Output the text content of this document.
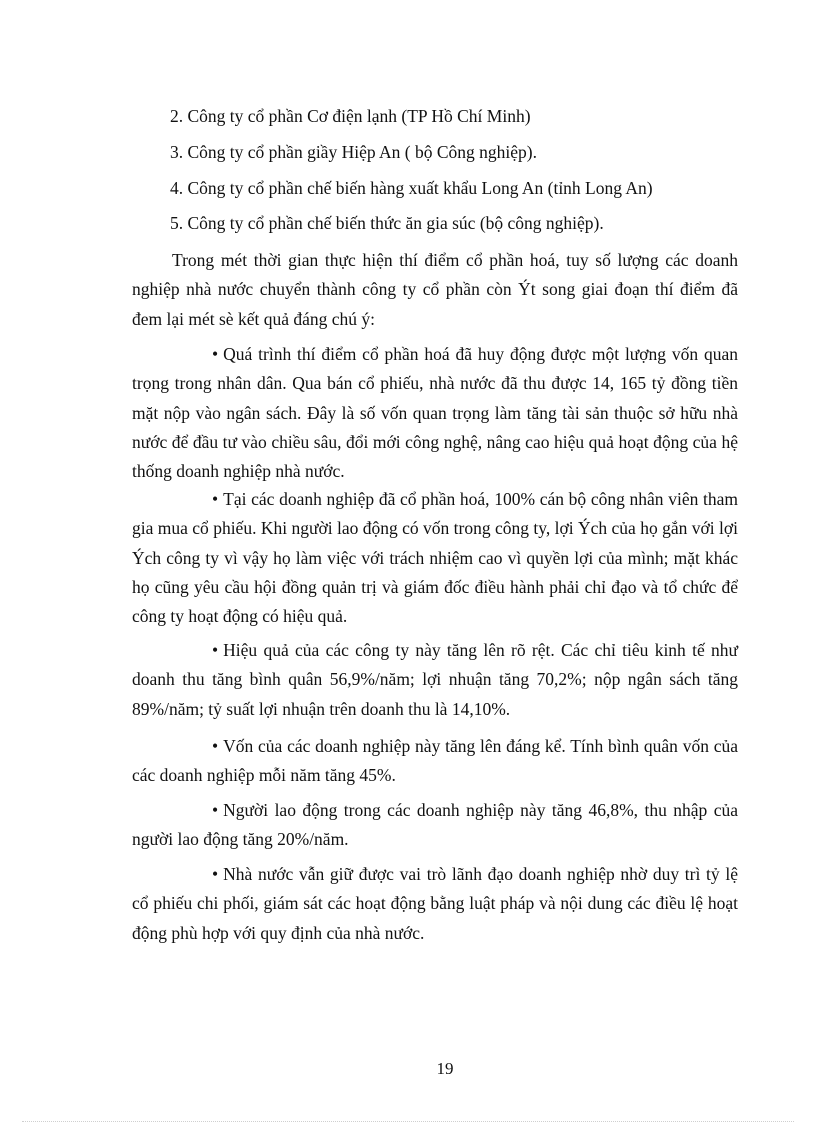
2. Công ty cổ phần Cơ điện lạnh (TP Hồ Chí Minh)
3. Công ty cổ phần giầy Hiệp An ( bộ Công nghiệp).
4. Công ty cổ phần chế biến hàng xuất khẩu Long An (tỉnh Long An)
5. Công ty cổ phần chế biến thức ăn gia súc (bộ công nghiệp).

Trong mét thời gian thực hiện thí điểm cổ phần hoá, tuy số lượng các doanh nghiệp nhà nước chuyển thành công ty cổ phần còn Ýt song giai đoạn thí điểm đã đem lại mét sè kết quả đáng chú ý:

• Quá trình thí điểm cổ phần hoá đã huy động được một lượng vốn quan trọng trong nhân dân. Qua bán cổ phiếu, nhà nước đã thu được 14, 165 tỷ đồng tiền mặt nộp vào ngân sách. Đây là số vốn quan trọng làm tăng tài sản thuộc sở hữu nhà nước để đầu tư vào chiều sâu, đổi mới công nghệ, nâng cao hiệu quả hoạt động của hệ thống doanh nghiệp nhà nước.

• Tại các doanh nghiệp đã cổ phần hoá, 100% cán bộ công nhân viên tham gia mua cổ phiếu. Khi người lao động có vốn trong công ty, lợi Ých của họ gắn với lợi Ých công ty vì vậy họ làm việc với trách nhiệm cao vì quyền lợi của mình; mặt khác họ cũng yêu cầu hội đồng quản trị và giám đốc điều hành phải chỉ đạo và tổ chức để công ty hoạt động có hiệu quả.

• Hiệu quả của các công ty này tăng lên rõ rệt. Các chỉ tiêu kinh tế như doanh thu tăng bình quân 56,9%/năm; lợi nhuận tăng 70,2%; nộp ngân sách tăng 89%/năm; tỷ suất lợi nhuận trên doanh thu là 14,10%.

• Vốn của các doanh nghiệp này tăng lên đáng kể. Tính bình quân vốn của các doanh nghiệp mỗi năm tăng 45%.

• Người lao động trong các doanh nghiệp này tăng 46,8%, thu nhập của người lao động tăng 20%/năm.

• Nhà nước vẫn giữ được vai trò lãnh đạo doanh nghiệp nhờ duy trì tỷ lệ cổ phiếu chi phối, giám sát các hoạt động bằng luật pháp và nội dung các điều lệ hoạt động phù hợp với quy định của nhà nước.

19
